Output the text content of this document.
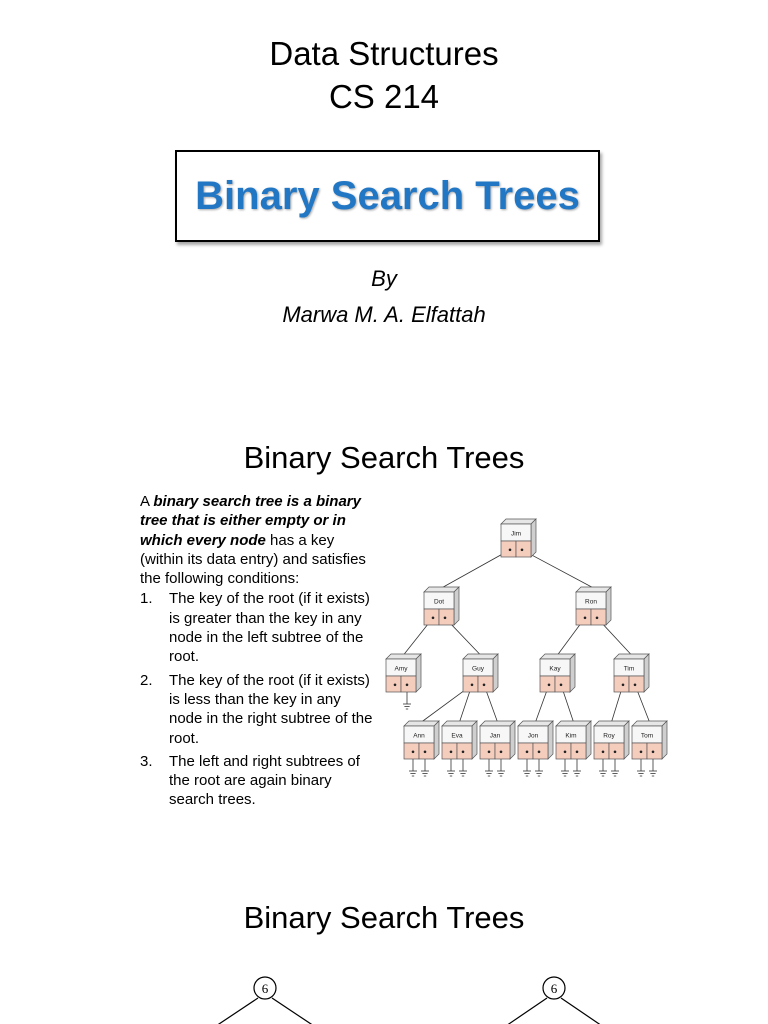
Data Structures
CS 214
Binary Search Trees
By
Marwa M. A. Elfattah
Binary Search Trees

A binary search tree is a binary tree that is either empty or in which every node has a key (within its data entry) and satisfies the following conditions:

1. The key of the root (if it exists) is greater than the key in any node in the left subtree of the root.
2. The key of the root (if it exists) is less than the key in any node in the right subtree of the root.
3. The left and right subtrees of the root are again binary search trees.
Jim
Dot	Ron
Amy	Guy	Kay	Tim
Ann	Eva	Jan	Jon	Kim	Roy	Tom
Binary Search Trees
6	6
